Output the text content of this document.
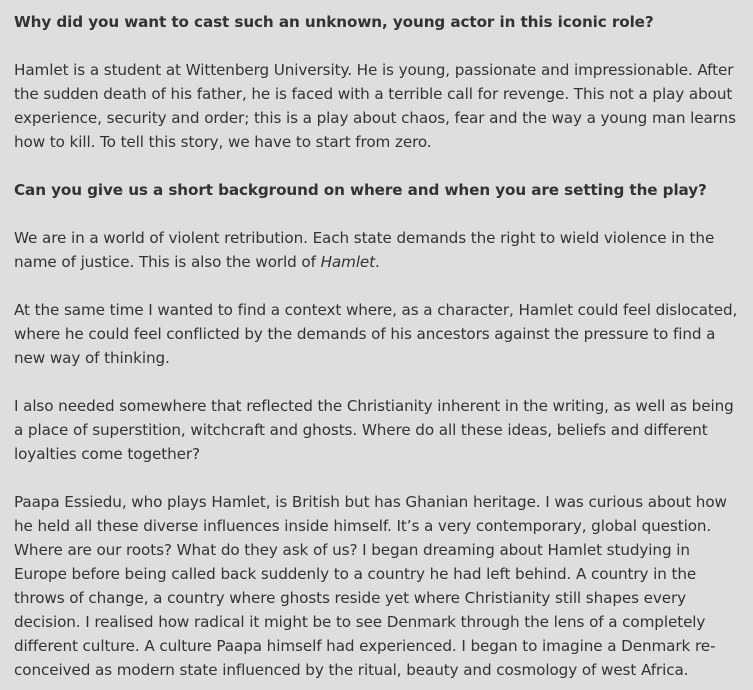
Why did you want to cast such an unknown, young actor in this iconic role?

Hamlet is a student at Wittenberg University. He is young, passionate and impressionable. After the sudden death of his father, he is faced with a terrible call for revenge. This not a play about experience, security and order; this is a play about chaos, fear and the way a young man learns how to kill. To tell this story, we have to start from zero.

Can you give us a short background on where and when you are setting the play?

We are in a world of violent retribution. Each state demands the right to wield violence in the name of justice. This is also the world of Hamlet.

At the same time I wanted to find a context where, as a character, Hamlet could feel dislocated, where he could feel conflicted by the demands of his ancestors against the pressure to find a new way of thinking.

I also needed somewhere that reflected the Christianity inherent in the writing, as well as being a place of superstition, witchcraft and ghosts. Where do all these ideas, beliefs and different loyalties come together?

Paapa Essiedu, who plays Hamlet, is British but has Ghanian heritage. I was curious about how he held all these diverse influences inside himself. It’s a very contemporary, global question. Where are our roots? What do they ask of us? I began dreaming about Hamlet studying in Europe before being called back suddenly to a country he had left behind. A country in the throws of change, a country where ghosts reside yet where Christianity still shapes every decision. I realised how radical it might be to see Denmark through the lens of a completely different culture. A culture Paapa himself had experienced. I began to imagine a Denmark re-conceived as modern state influenced by the ritual, beauty and cosmology of west Africa.
